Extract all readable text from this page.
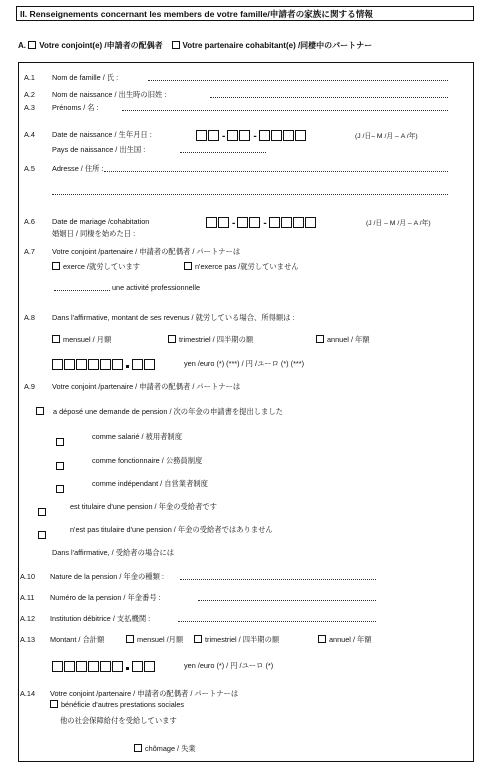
II. Renseignements concernant les members de votre famille/申請者の家族に関する情報
A. Votre conjoint(e) /申請者の配偶者 Votre partenaire cohabitant(e) /同棲中のパートナー
A.1 Nom de famille / 氏 :
A.2 Nom de naissance / 出生時の旧姓 :
A.3 Prénoms / 名 :
A.4 Date de naissance / 生年月日 :	-	-	(J /日– M /月 – A /年)
Pays de naissance / 出生国 :
A.5 Adresse / 住所 :
A.6 Date de mariage /cohabitation
婚姻日 / 同棲を始めた日 :
-	-	(J /日 – M /月 – A /年)
A.7 Votre conjoint /partenaire / 申請者の配偶者 / パートナーは
exerce /就労しています	n'exerce pas /就労していません
une activité professionnelle
A.8 Dans l'affirmative, montant de ses revenus / 就労している場合、所得額は :
mensuel / 月額	trimestriel / 四半期の額	annuel / 年額
yen /euro (*) (***) / 円 /ユーロ (*) (***)
A.9 Votre conjoint /partenaire / 申請者の配偶者 / パートナーは
a déposé une demande de pension / 次の年金の申請書を提出しました
comme salarié / 被用者制度
comme fonctionnaire / 公務員制度
comme indépendant / 自営業者制度
est titulaire d'une pension / 年金の受給者です
n'est pas titulaire d'une pension / 年金の受給者ではありません
Dans l'affirmative, / 受給者の場合には
A.10 Nature de la pension / 年金の種類 :
A.11 Numéro de la pension / 年金番号 :
A.12 Institution débitrice / 支払機関 :
A.13 Montant / 合計額	mensuel /月額	trimestriel / 四半期の額	annuel / 年額
yen /euro (*) / 円 /ユーロ (*)
A.14 Votre conjoint /partenaire / 申請者の配偶者 / パートナーは
bénéficie d'autres prestations sociales
他の社会保障給付を受給しています
chômage / 失業
